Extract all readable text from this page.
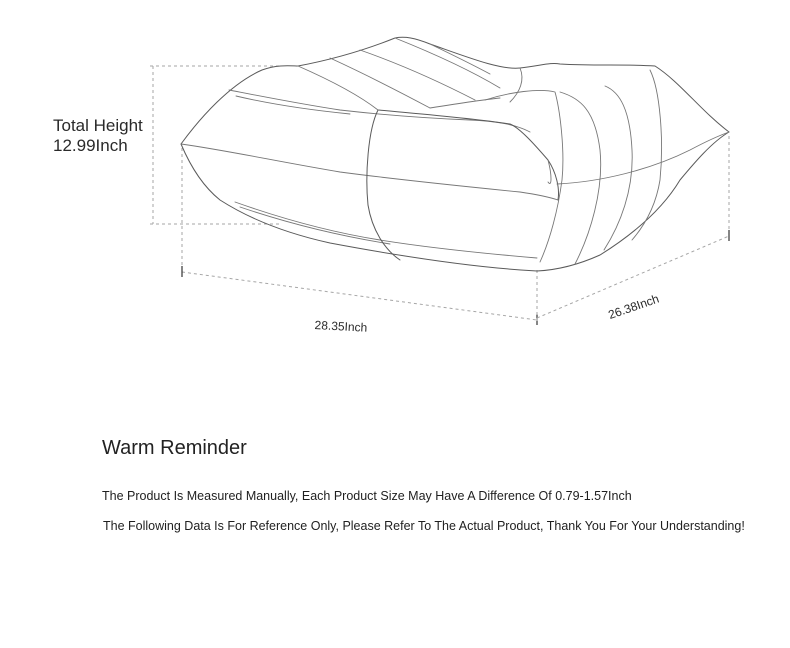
Total Height
12.99Inch
28.35Inch
26.38Inch
Warm Reminder
The Product Is Measured Manually, Each Product Size May Have A Difference Of 0.79-1.57Inch
The Following Data Is For Reference Only, Please Refer To The Actual Product, Thank You For Your Understanding!
